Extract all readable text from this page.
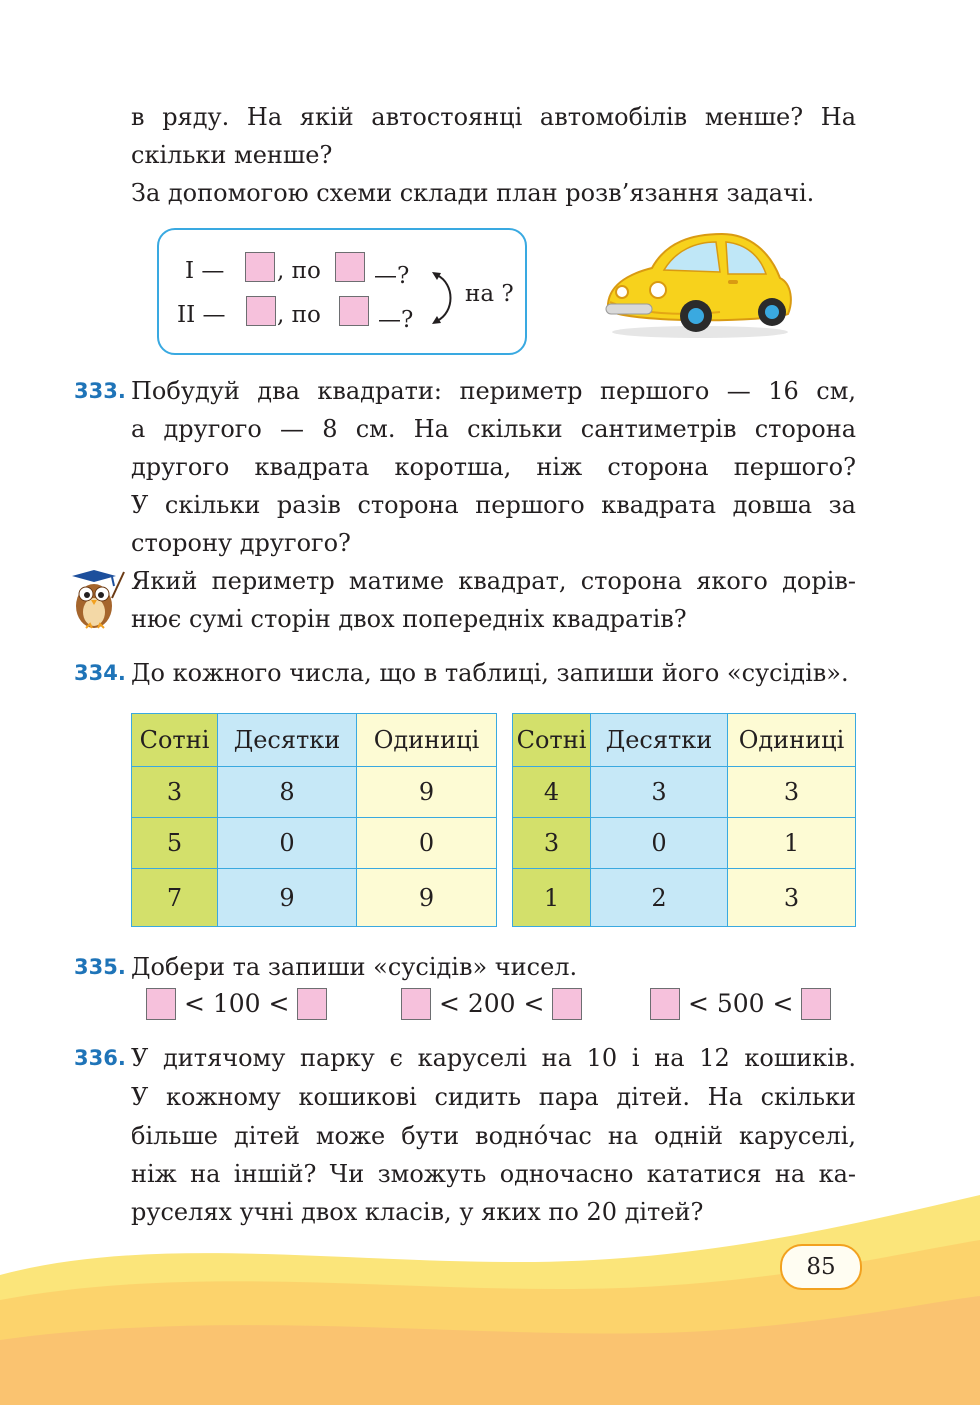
в ряду. На якій автостоянці автомобілів менше? На
скільки менше?
За допомогою схеми склади план розв’язання задачі.
I — , по —?
II — , по —?
на ?
333. Побудуй два квадрати: периметр першого — 16 см,
а другого — 8 см. На скільки сантиметрів сторона
другого квадрата коротша, ніж сторона першого?
У скільки разів сторона першого квадрата довша за
сторону другого?
Який периметр матиме квадрат, сторона якого дорів-
нює сумі сторін двох попередніх квадратів?
334. До кожного числа, що в таблиці, запиши його «сусідів».
Сотні	Десятки	Одиниці
3	8	9
5	0	0
7	9	9
Сотні	Десятки	Одиниці
4	3	3
3	0	1
1	2	3
335. Добери та запиши «сусідів» чисел.
< 100 <	< 200 <	< 500 <
336. У дитячому парку є каруселі на 10 і на 12 кошиків.
У кожному кошикові сидить пара дітей. На скільки
більше дітей може бути водно́час на одній каруселі,
ніж на іншій? Чи зможуть одночасно кататися на ка-
руселях учні двох класів, у яких по 20 дітей?
85
